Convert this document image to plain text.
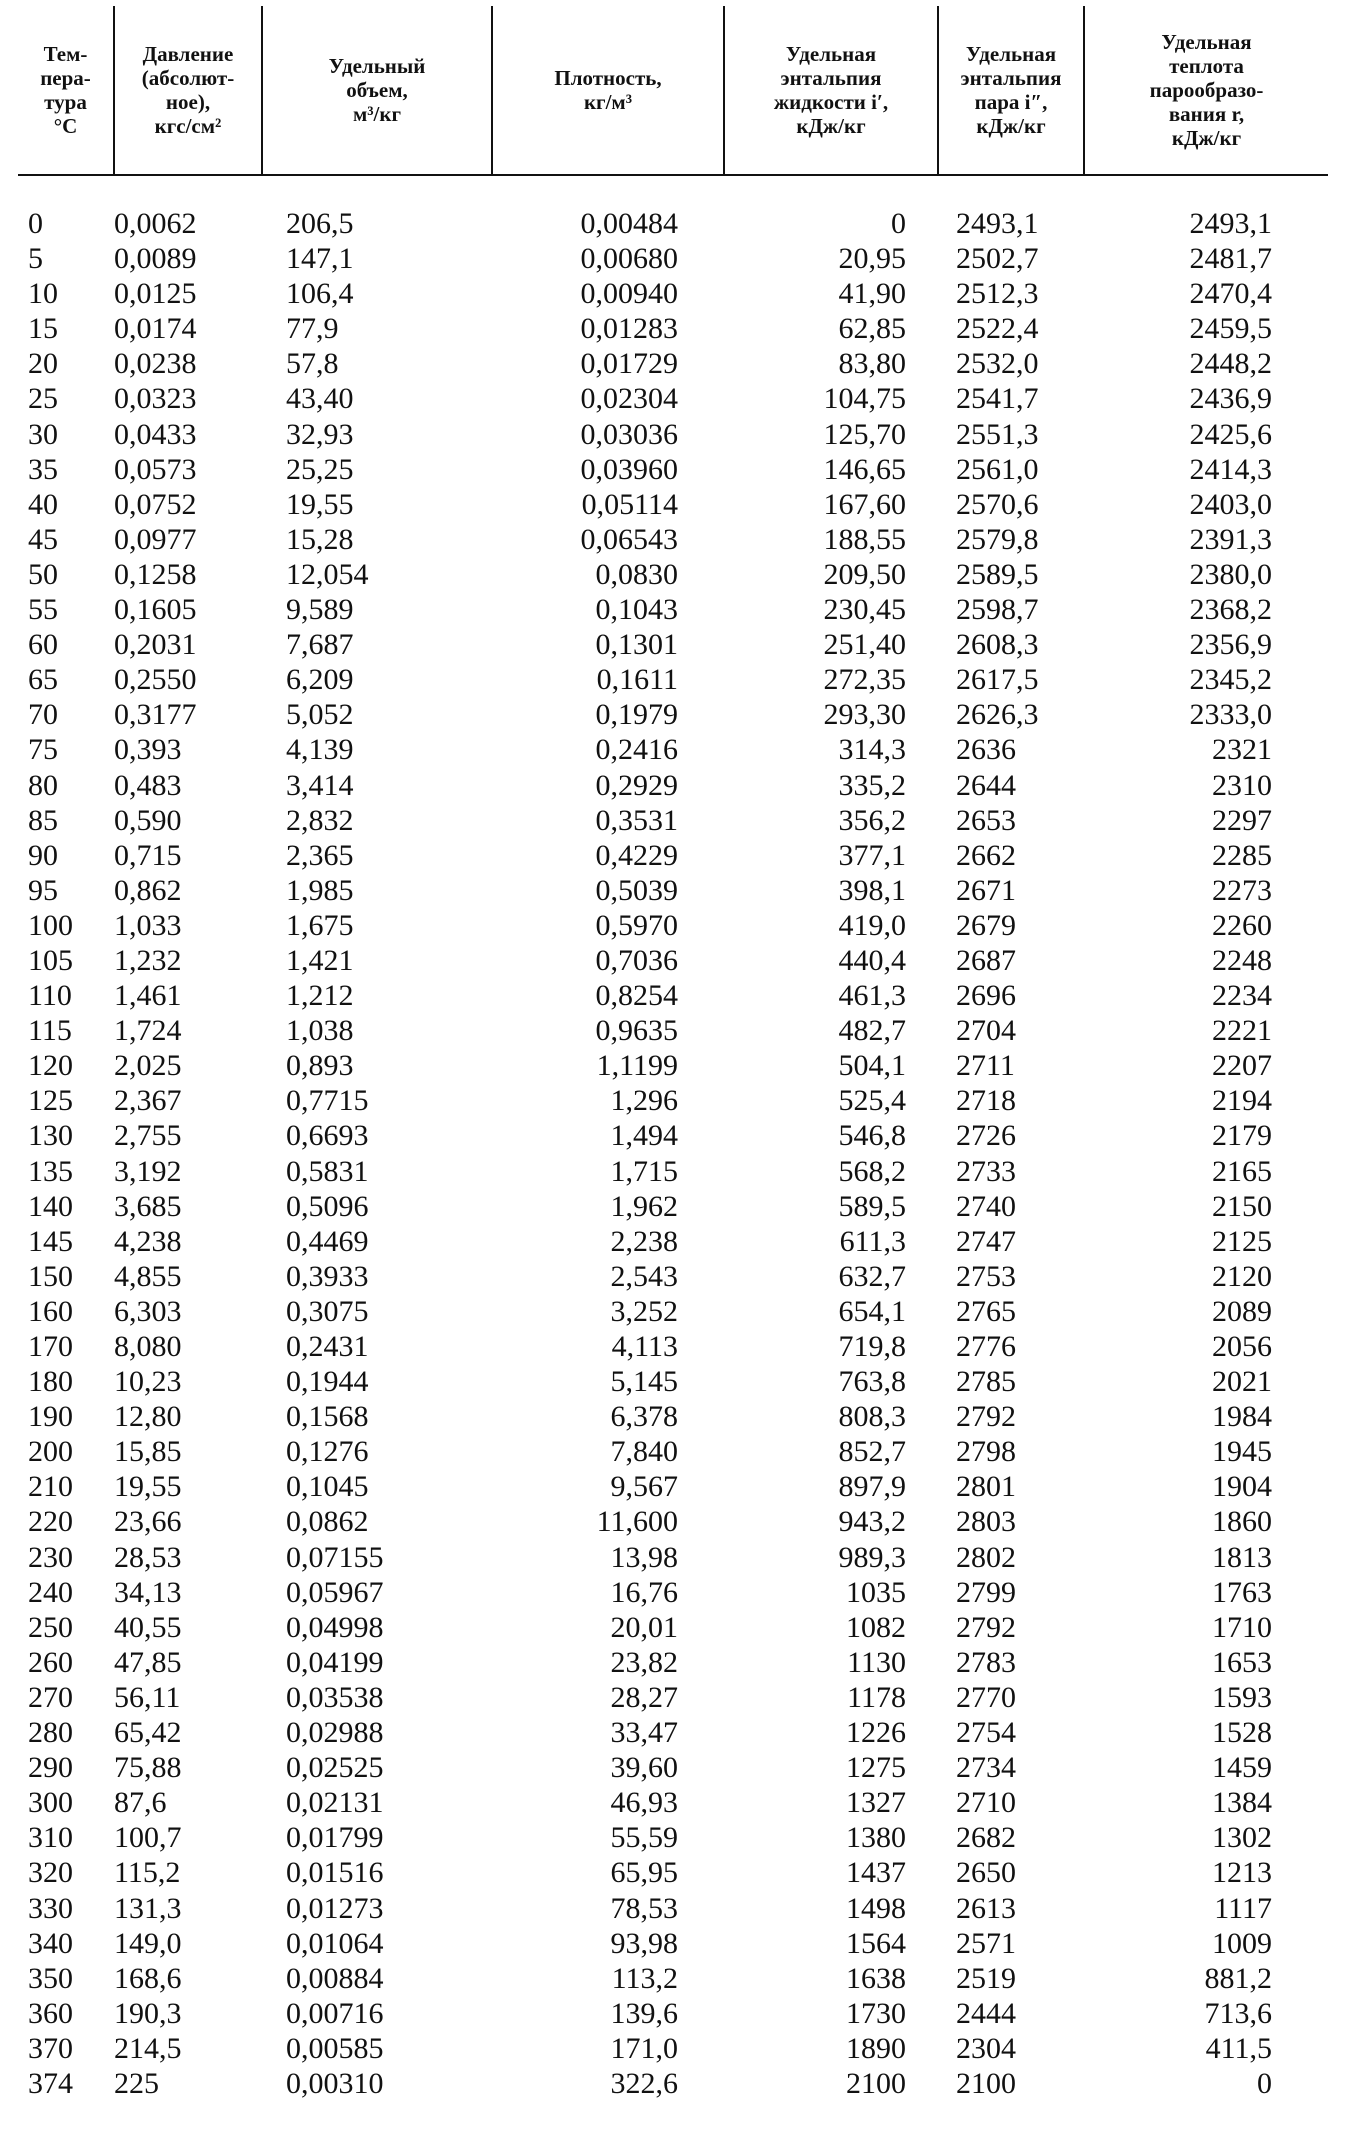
Тем-
пера-
тура
°C	Давление
(абсолют-
ное),
кгс/см²	Удельный
объем,
м³/кг	Плотность,
кг/м³	Удельная
энтальпия
жидкости i′,
кДж/кг	Удельная
энтальпия
пара i″,
кДж/кг	Удельная
теплота
парообразо-
вания r,
кДж/кг

0	0,0062	206,5	0,00484	0	2493,1	2493,1
5	0,0089	147,1	0,00680	20,95	2502,7	2481,7
10	0,0125	106,4	0,00940	41,90	2512,3	2470,4
15	0,0174	77,9	0,01283	62,85	2522,4	2459,5
20	0,0238	57,8	0,01729	83,80	2532,0	2448,2
25	0,0323	43,40	0,02304	104,75	2541,7	2436,9
30	0,0433	32,93	0,03036	125,70	2551,3	2425,6
35	0,0573	25,25	0,03960	146,65	2561,0	2414,3
40	0,0752	19,55	0,05114	167,60	2570,6	2403,0
45	0,0977	15,28	0,06543	188,55	2579,8	2391,3
50	0,1258	12,054	0,0830	209,50	2589,5	2380,0
55	0,1605	9,589	0,1043	230,45	2598,7	2368,2
60	0,2031	7,687	0,1301	251,40	2608,3	2356,9
65	0,2550	6,209	0,1611	272,35	2617,5	2345,2
70	0,3177	5,052	0,1979	293,30	2626,3	2333,0
75	0,393	4,139	0,2416	314,3	2636	2321
80	0,483	3,414	0,2929	335,2	2644	2310
85	0,590	2,832	0,3531	356,2	2653	2297
90	0,715	2,365	0,4229	377,1	2662	2285
95	0,862	1,985	0,5039	398,1	2671	2273
100	1,033	1,675	0,5970	419,0	2679	2260
105	1,232	1,421	0,7036	440,4	2687	2248
110	1,461	1,212	0,8254	461,3	2696	2234
115	1,724	1,038	0,9635	482,7	2704	2221
120	2,025	0,893	1,1199	504,1	2711	2207
125	2,367	0,7715	1,296	525,4	2718	2194
130	2,755	0,6693	1,494	546,8	2726	2179
135	3,192	0,5831	1,715	568,2	2733	2165
140	3,685	0,5096	1,962	589,5	2740	2150
145	4,238	0,4469	2,238	611,3	2747	2125
150	4,855	0,3933	2,543	632,7	2753	2120
160	6,303	0,3075	3,252	654,1	2765	2089
170	8,080	0,2431	4,113	719,8	2776	2056
180	10,23	0,1944	5,145	763,8	2785	2021
190	12,80	0,1568	6,378	808,3	2792	1984
200	15,85	0,1276	7,840	852,7	2798	1945
210	19,55	0,1045	9,567	897,9	2801	1904
220	23,66	0,0862	11,600	943,2	2803	1860
230	28,53	0,07155	13,98	989,3	2802	1813
240	34,13	0,05967	16,76	1035	2799	1763
250	40,55	0,04998	20,01	1082	2792	1710
260	47,85	0,04199	23,82	1130	2783	1653
270	56,11	0,03538	28,27	1178	2770	1593
280	65,42	0,02988	33,47	1226	2754	1528
290	75,88	0,02525	39,60	1275	2734	1459
300	87,6	0,02131	46,93	1327	2710	1384
310	100,7	0,01799	55,59	1380	2682	1302
320	115,2	0,01516	65,95	1437	2650	1213
330	131,3	0,01273	78,53	1498	2613	1117
340	149,0	0,01064	93,98	1564	2571	1009
350	168,6	0,00884	113,2	1638	2519	881,2
360	190,3	0,00716	139,6	1730	2444	713,6
370	214,5	0,00585	171,0	1890	2304	411,5
374	225	0,00310	322,6	2100	2100	0
